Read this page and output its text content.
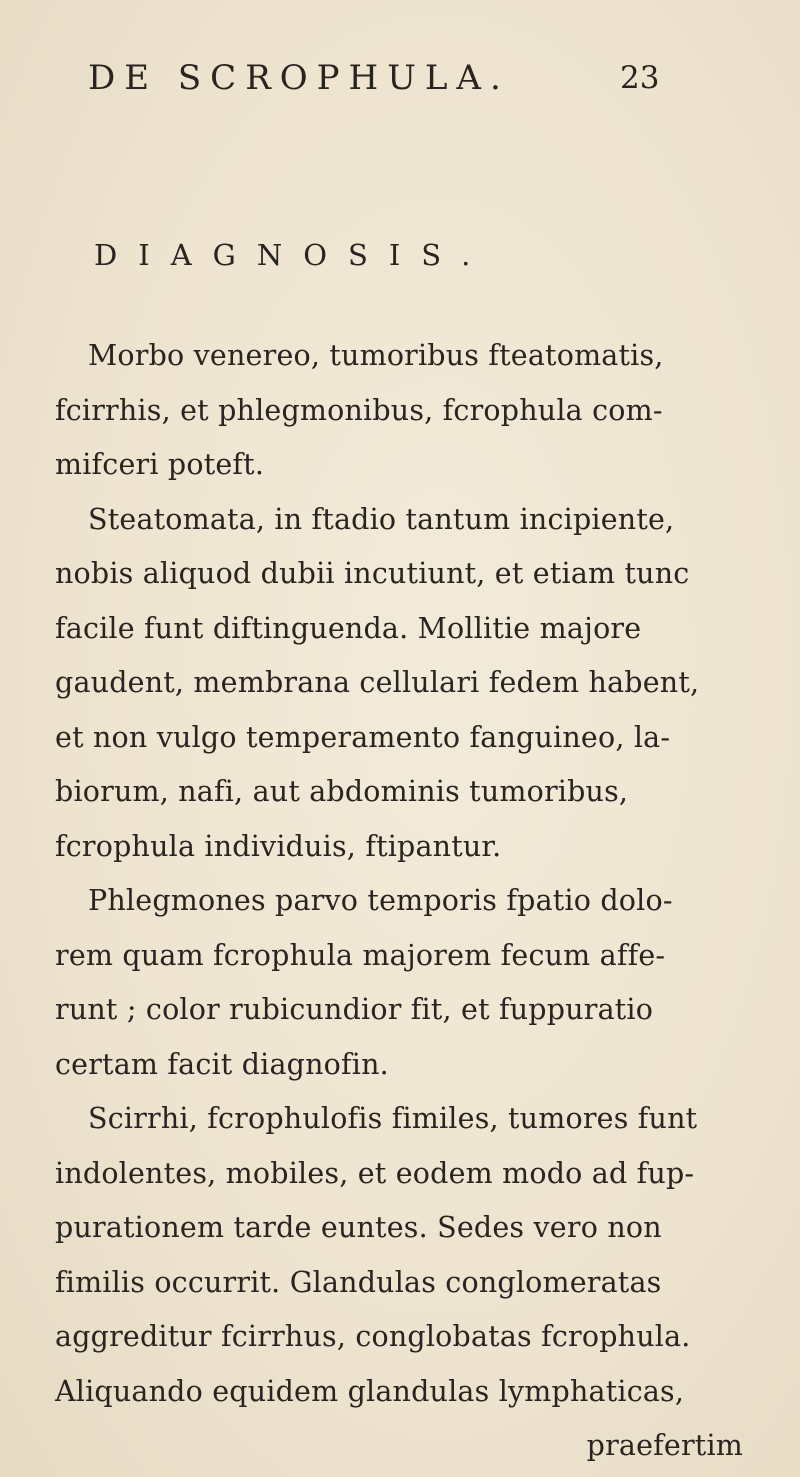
DE SCROPHULA.	23
DIAGNOSIS.
Morbo venereo, tumoribus fteatomatis,
fcirrhis, et phlegmonibus, fcrophula com-
mifceri poteft.
Steatomata, in ftadio tantum incipiente,
nobis aliquod dubii incutiunt, et etiam tunc
facile funt diftinguenda. Mollitie majore
gaudent, membrana cellulari fedem habent,
et non vulgo temperamento fanguineo, la-
biorum, nafi, aut abdominis tumoribus,
fcrophula individuis, ftipantur.
Phlegmones parvo temporis fpatio dolo-
rem quam fcrophula majorem fecum affe-
runt ; color rubicundior fit, et fuppuratio
certam facit diagnofin.
Scirrhi, fcrophulofis fimiles, tumores funt
indolentes, mobiles, et eodem modo ad fup-
purationem tarde euntes. Sedes vero non
fimilis occurrit. Glandulas conglomeratas
aggreditur fcirrhus, conglobatas fcrophula.
Aliquando equidem glandulas lymphaticas,
praefertim
